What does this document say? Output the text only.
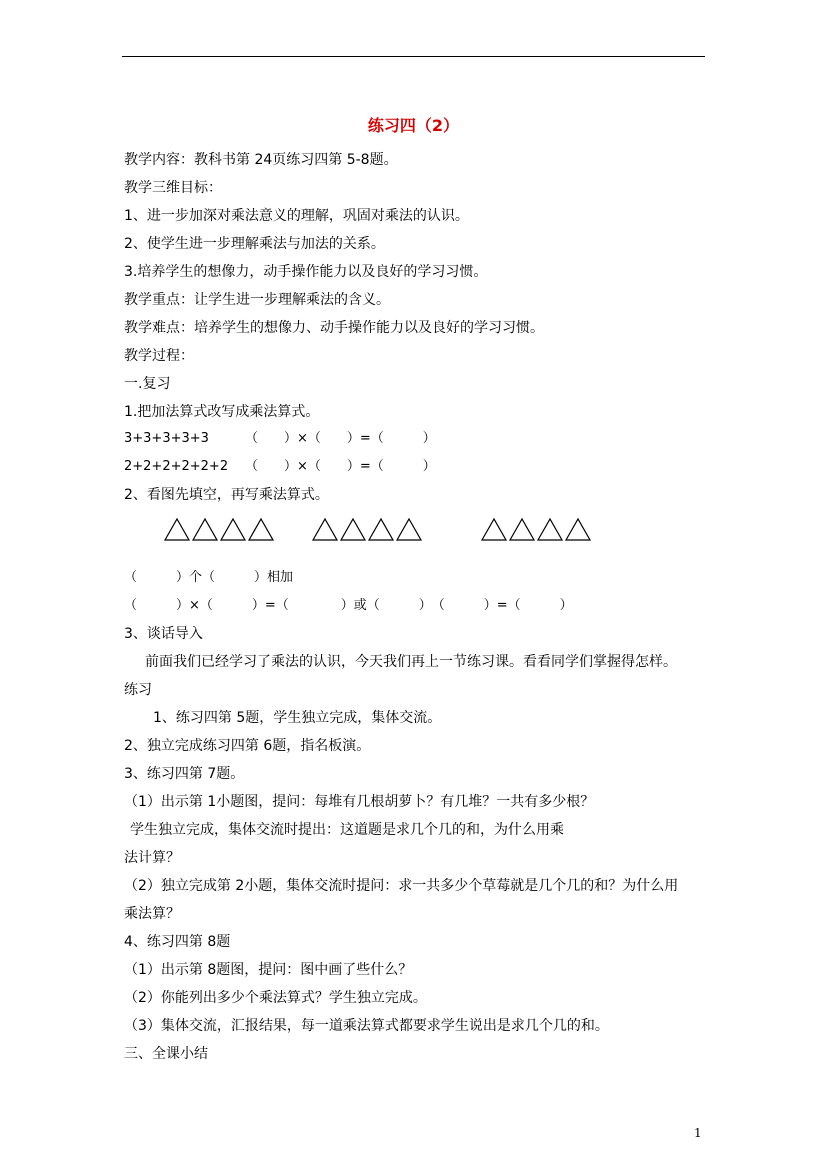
练习四（2）
教学内容：教科书第 24页练习四第 5-8题。
教学三维目标：
1、进一步加深对乘法意义的理解，巩固对乘法的认识。
2、使学生进一步理解乘法与加法的关系。
3.培养学生的想像力，动手操作能力以及良好的学习习惯。
教学重点：让学生进一步理解乘法的含义。
教学难点：培养学生的想像力、动手操作能力以及良好的学习习惯。
教学过程：
一.复习
1.把加法算式改写成乘法算式。
3+3+3+3+3	（　　）×（　　）=（　　　）
2+2+2+2+2+2 （　　）×（　　）=（　　　）
2、看图先填空，再写乘法算式。
（　　　）个（　　　）相加
（　　　）×（　　　）=（　　　　）或（　　　）　（　　　）=（　　　）
3、谈话导入
前面我们已经学习了乘法的认识，今天我们再上一节练习课。看看同学们掌握得怎样。
练习
1、练习四第 5题，学生独立完成，集体交流。
2、独立完成练习四第 6题，指名板演。
3、练习四第 7题。
（1）出示第 1小题图，提问：每堆有几根胡萝卜？有几堆？一共有多少根？
学生独立完成，集体交流时提出：这道题是求几个几的和，为什么用乘
法计算？
（2）独立完成第 2小题，集体交流时提问：求一共多少个草莓就是几个几的和？为什么用
乘法算？
4、练习四第 8题
（1）出示第 8题图，提问：图中画了些什么？
（2）你能列出多少个乘法算式？学生独立完成。
（3）集体交流，汇报结果，每一道乘法算式都要求学生说出是求几个几的和。
三、全课小结
1
